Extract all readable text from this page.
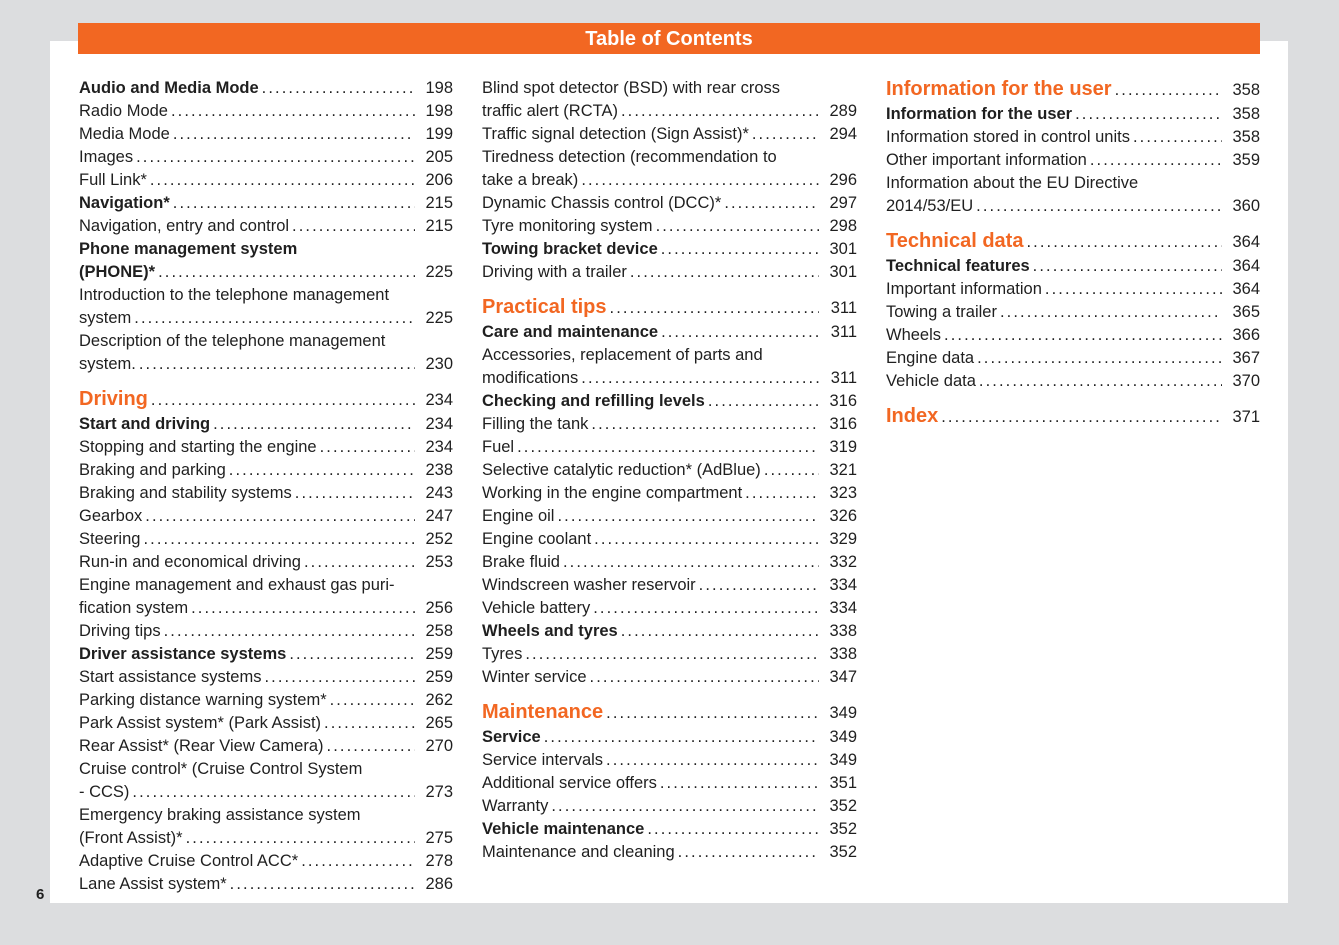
Table of Contents
Audio and Media Mode .....	198
Radio Mode .....	198
Media Mode .....	199
Images .....	205
Full Link* .....	206
Navigation* .....	215
Navigation, entry and control .....	215
Phone management system
(PHONE)* .....	225
Introduction to the telephone management
system .....	225
Description of the telephone management
system. .....	230
Driving .....	234
Start and driving .....	234
Stopping and starting the engine .....	234
Braking and parking .....	238
Braking and stability systems .....	243
Gearbox .....	247
Steering .....	252
Run-in and economical driving .....	253
Engine management and exhaust gas puri-
fication system .....	256
Driving tips .....	258
Driver assistance systems .....	259
Start assistance systems .....	259
Parking distance warning system* .....	262
Park Assist system* (Park Assist) .....	265
Rear Assist* (Rear View Camera) .....	270
Cruise control* (Cruise Control System
- CCS) .....	273
Emergency braking assistance system
(Front Assist)* .....	275
Adaptive Cruise Control ACC* .....	278
Lane Assist system* .....	286
Blind spot detector (BSD) with rear cross
traffic alert (RCTA) .....	289
Traffic signal detection (Sign Assist)* .....	294
Tiredness detection (recommendation to
take a break) .....	296
Dynamic Chassis control (DCC)* .....	297
Tyre monitoring system .....	298
Towing bracket device .....	301
Driving with a trailer .....	301
Practical tips .....	311
Care and maintenance .....	311
Accessories, replacement of parts and
modifications .....	311
Checking and refilling levels .....	316
Filling the tank .....	316
Fuel .....	319
Selective catalytic reduction* (AdBlue) .....	321
Working in the engine compartment .....	323
Engine oil .....	326
Engine coolant .....	329
Brake fluid .....	332
Windscreen washer reservoir .....	334
Vehicle battery .....	334
Wheels and tyres .....	338
Tyres .....	338
Winter service .....	347
Maintenance .....	349
Service .....	349
Service intervals .....	349
Additional service offers .....	351
Warranty .....	352
Vehicle maintenance .....	352
Maintenance and cleaning .....	352
Information for the user .....	358
Information for the user .....	358
Information stored in control units .....	358
Other important information .....	359
Information about the EU Directive
2014/53/EU .....	360
Technical data .....	364
Technical features .....	364
Important information .....	364
Towing a trailer .....	365
Wheels .....	366
Engine data .....	367
Vehicle data .....	370
Index .....	371
6
